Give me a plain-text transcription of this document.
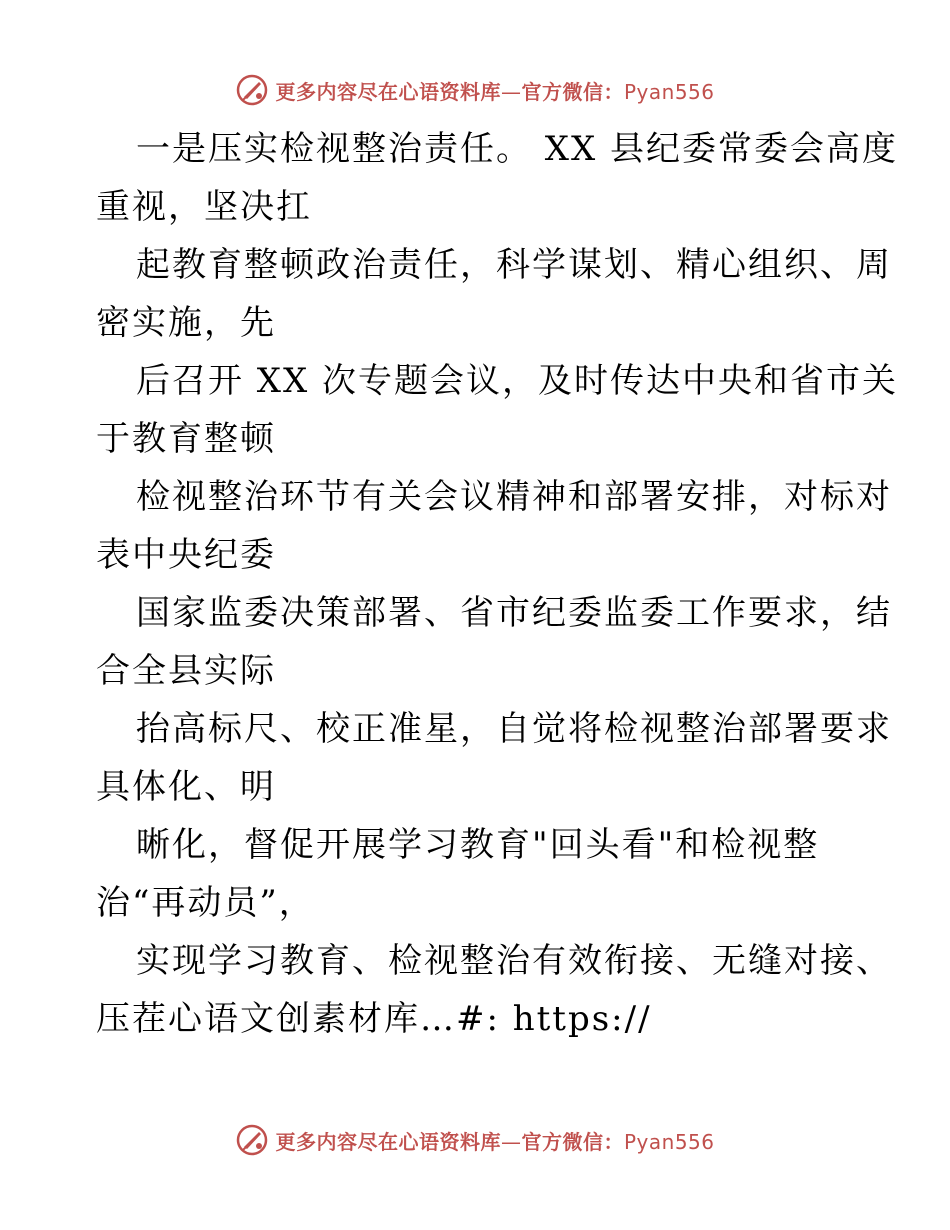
更多内容尽在心语资料库—官方微信：Pyan556
一是压实检视整治责任。 XX 县纪委常委会高度
重视，坚决扛
起教育整顿政治责任，科学谋划、精心组织、周
密实施，先
后召开 XX 次专题会议，及时传达中央和省市关
于教育整顿
检视整治环节有关会议精神和部署安排，对标对
表中央纪委
国家监委决策部署、省市纪委监委工作要求，结
合全县实际
抬高标尺、校正准星，自觉将检视整治部署要求
具体化、明
晰化，督促开展学习教育"回头看"和检视整
治“再动员”，
实现学习教育、检视整治有效衔接、无缝对接、
压茬心语文创素材库…#: https://
更多内容尽在心语资料库—官方微信：Pyan556
